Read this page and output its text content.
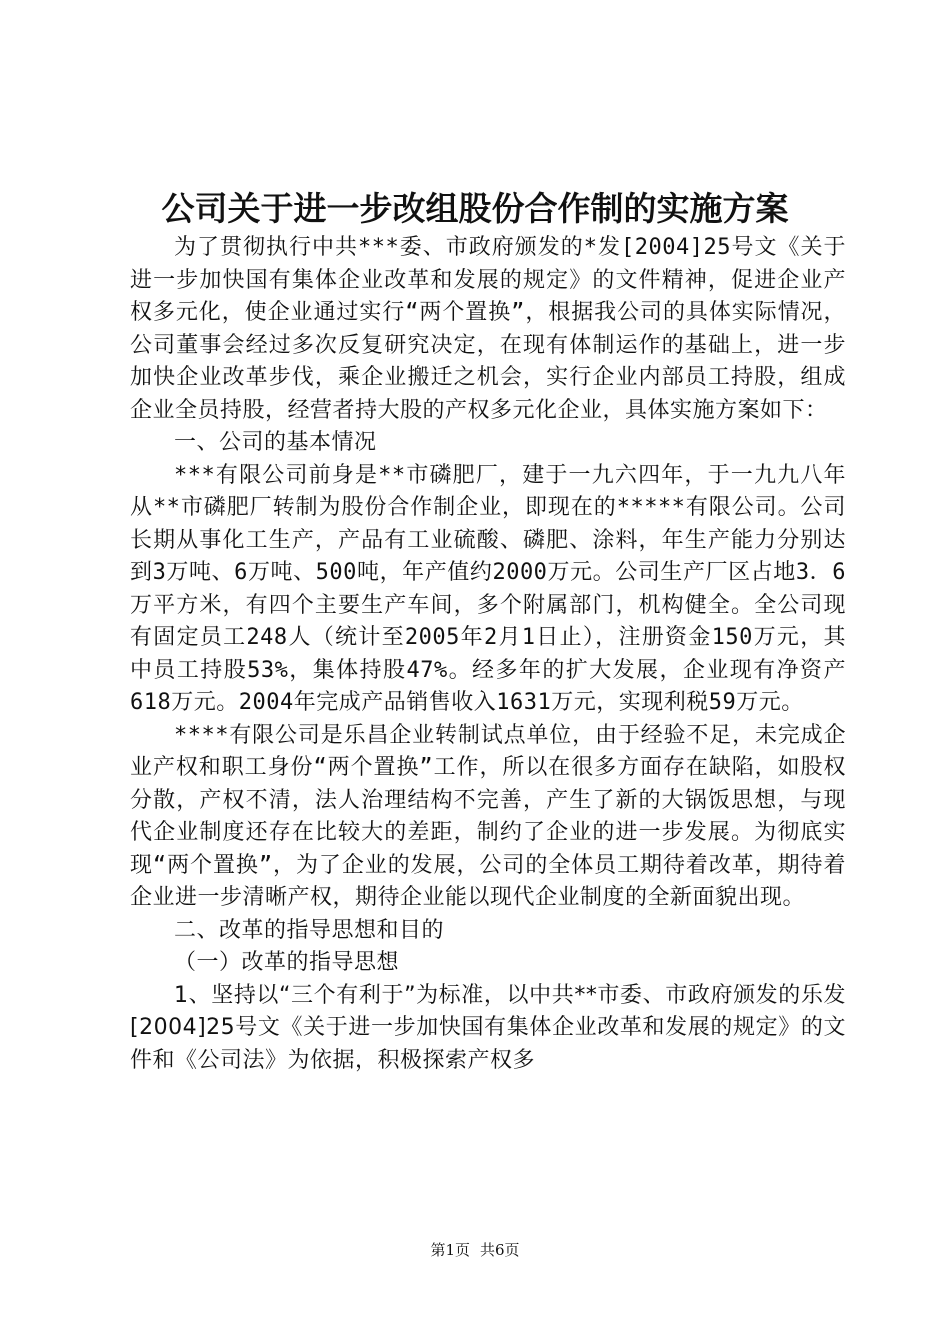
公司关于进一步改组股份合作制的实施方案

为了贯彻执行中共***委、市政府颁发的*发[2004]25号文《关于进一步加快国有集体企业改革和发展的规定》的文件精神，促进企业产权多元化，使企业通过实行“两个置换”，根据我公司的具体实际情况，公司董事会经过多次反复研究决定，在现有体制运作的基础上，进一步加快企业改革步伐，乘企业搬迁之机会，实行企业内部员工持股，组成企业全员持股，经营者持大股的产权多元化企业，具体实施方案如下：

一、公司的基本情况

***有限公司前身是**市磷肥厂，建于一九六四年，于一九九八年从**市磷肥厂转制为股份合作制企业，即现在的*****有限公司。公司长期从事化工生产，产品有工业硫酸、磷肥、涂料，年生产能力分别达到3万吨、6万吨、500吨，年产值约2000万元。公司生产厂区占地3．6万平方米，有四个主要生产车间，多个附属部门，机构健全。全公司现有固定员工248人（统计至2005年2月1日止），注册资金150万元，其中员工持股53%，集体持股47%。经多年的扩大发展，企业现有净资产618万元。2004年完成产品销售收入1631万元，实现利税59万元。

****有限公司是乐昌企业转制试点单位，由于经验不足，未完成企业产权和职工身份“两个置换”工作，所以在很多方面存在缺陷，如股权分散，产权不清，法人治理结构不完善，产生了新的大锅饭思想，与现代企业制度还存在比较大的差距，制约了企业的进一步发展。为彻底实现“两个置换”，为了企业的发展，公司的全体员工期待着改革，期待着企业进一步清晰产权，期待企业能以现代企业制度的全新面貌出现。

二、改革的指导思想和目的

（一）改革的指导思想

1、坚持以“三个有利于”为标准，以中共**市委、市政府颁发的乐发[2004]25号文《关于进一步加快国有集体企业改革和发展的规定》的文件和《公司法》为依据，积极探索产权多

第1页 共6页
